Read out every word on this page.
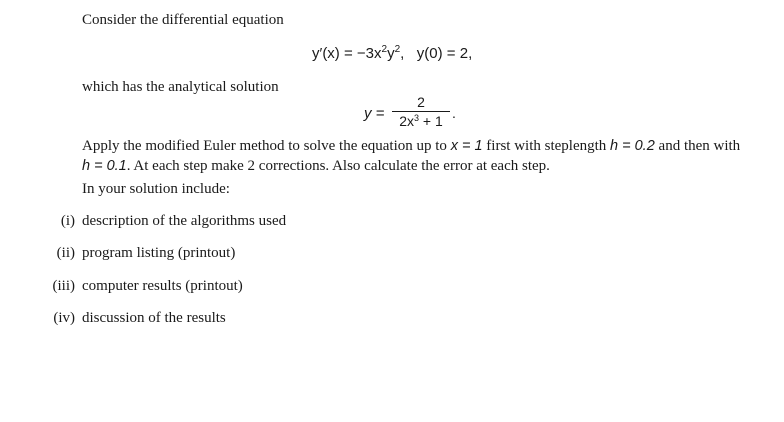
Consider the differential equation
$y'(x) = -3x^2y^2$,   y(0) = 2,
which has the analytical solution
y =
2
$2x^3 + 1$ .
Apply the modified Euler method to solve the equation up to x = 1 first with steplength h = 0.2 and then with h = 0.1. At each step make 2 corrections. Also calculate the error at each step.
In your solution include:
(i) description of the algorithms used
(ii) program listing (printout)
(iii) computer results (printout)
(iv) discussion of the results
